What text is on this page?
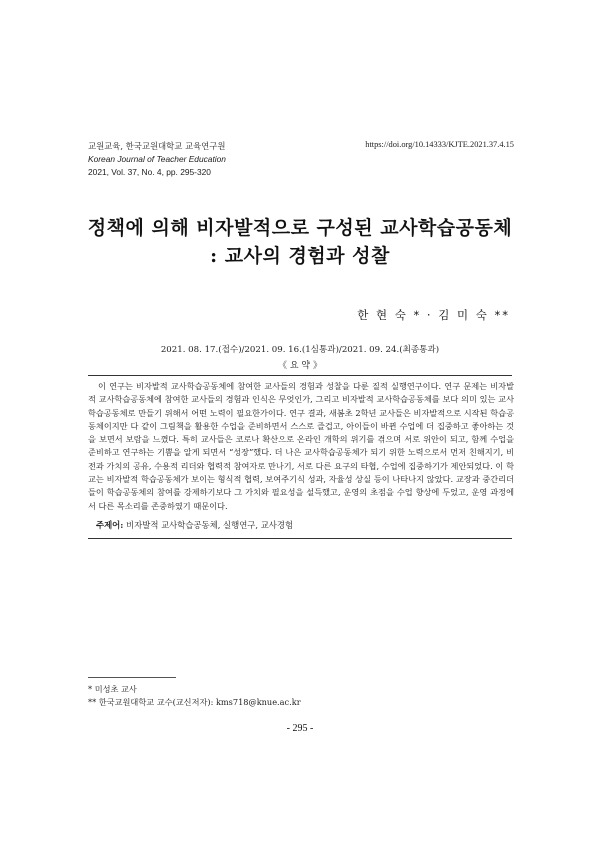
교원교육, 한국교원대학교 교육연구원
Korean Journal of Teacher Education
2021, Vol. 37, No. 4, pp. 295-320
https://doi.org/10.14333/KJTE.2021.37.4.15
정책에 의해 비자발적으로 구성된 교사학습공동체
: 교사의 경험과 성찰
한 현 숙 * · 김 미 숙 **
2021. 08. 17.(접수)/2021. 09. 16.(1심통과)/2021. 09. 24.(최종통과)
《 요 약 》

이 연구는 비자발적 교사학습공동체에 참여한 교사들의 경험과 성찰을 다룬 질적 실행연구이다. 연구 문제는 비자발적 교사학습공동체에 참여한 교사들의 경험과 인식은 무엇인가, 그리고 비자발적 교사학습공동체를 보다 의미 있는 교사학습공동체로 만들기 위해서 어떤 노력이 필요한가이다. 연구 결과, 새봄초 2학년 교사들은 비자발적으로 시작된 학습공동체이지만 다 같이 그림책을 활용한 수업을 준비하면서 스스로 즐겁고, 아이들이 바뀐 수업에 더 집중하고 좋아하는 것을 보면서 보람을 느꼈다. 특히 교사들은 코로나 확산으로 온라인 개학의 위기를 겪으며 서로 위안이 되고, 함께 수업을 준비하고 연구하는 기쁨을 알게 되면서 “성장”했다. 더 나은 교사학습공동체가 되기 위한 노력으로서 먼저 친해지기, 비전과 가치의 공유, 수용적 리더와 협력적 참여자로 만나기, 서로 다른 요구의 타협, 수업에 집중하기가 제안되었다. 이 학교는 비자발적 학습공동체가 보이는 형식적 협력, 보여주기식 성과, 자율성 상실 등이 나타나지 않았다. 교장과 중간리더들이 학습공동체의 참여를 강제하기보다 그 가치와 필요성을 설득했고, 운영의 초점을 수업 향상에 두었고, 운영 과정에서 다른 목소리를 존중하였기 때문이다.

주제어: 비자발적 교사학습공동체, 실행연구, 교사경험
* 미성초 교사
** 한국교원대학교 교수(교신저자): kms718@knue.ac.kr
- 295 -
